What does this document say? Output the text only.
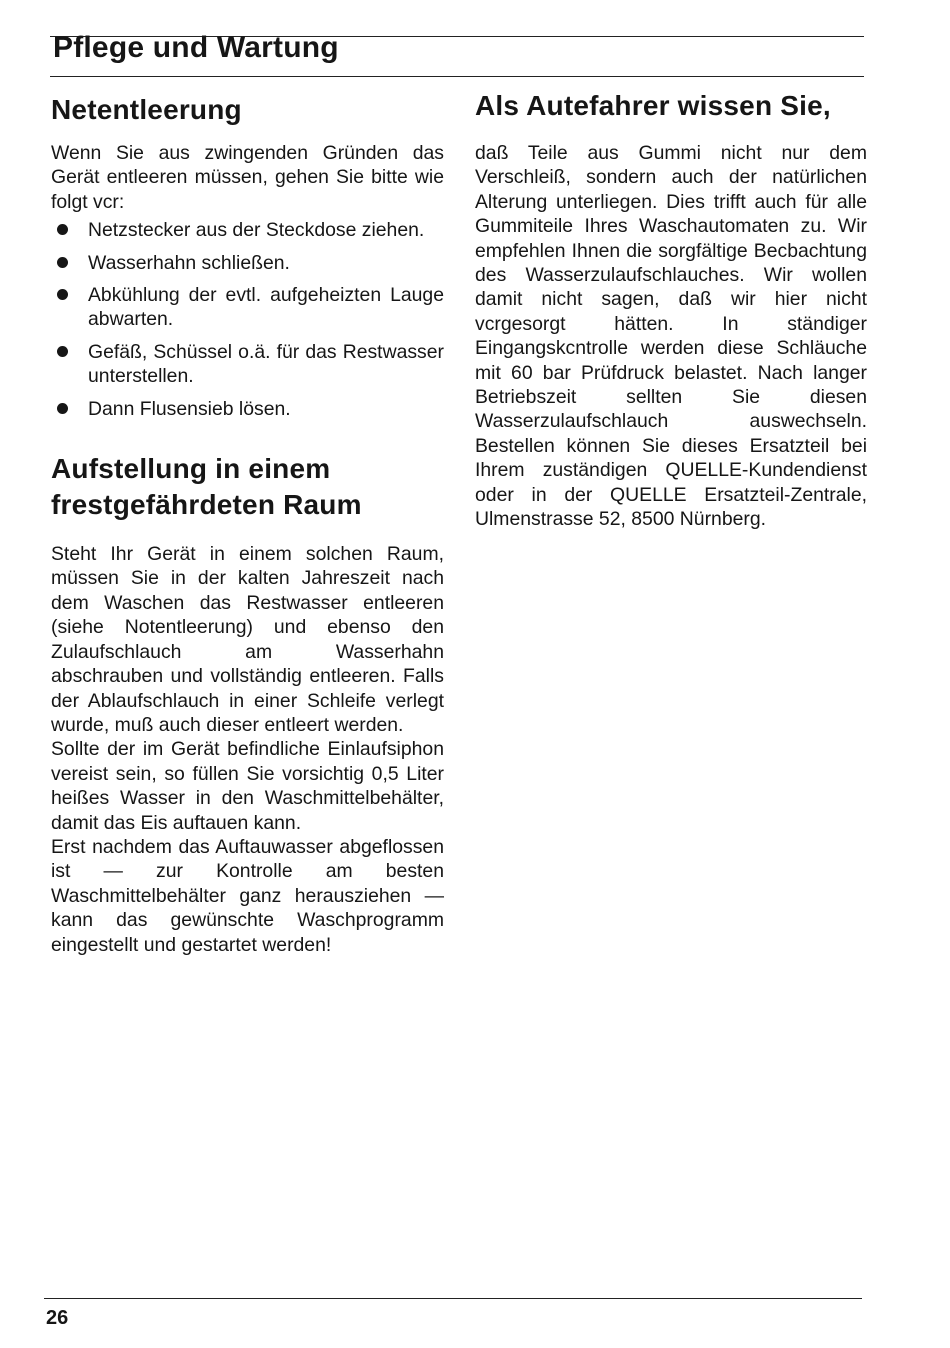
Pflege und Wartung
Netentleerung

Wenn Sie aus zwingenden Gründen das Gerät entleeren müssen, gehen Sie bitte wie folgt vcr:

Netzstecker aus der Steckdose ziehen.
Wasserhahn schließen.
Abkühlung der evtl. aufgeheizten Lauge abwarten.
Gefäß, Schüssel o.ä. für das Restwasser unterstellen.
Dann Flusensieb lösen.
Aufstellung in einem frestgefährdeten Raum

Steht Ihr Gerät in einem solchen Raum, müssen Sie in der kalten Jahreszeit nach dem Waschen das Restwasser entleeren (siehe Notentleerung) und ebenso den Zulaufschlauch am Wasserhahn abschrauben und vollständig entleeren. Falls der Ablaufschlauch in einer Schleife verlegt wurde, muß auch dieser entleert werden.

Sollte der im Gerät befindliche Einlaufsiphon vereist sein, so füllen Sie vorsichtig 0,5 Liter heißes Wasser in den Waschmittelbehälter, damit das Eis auftauen kann.

Erst nachdem das Auftauwasser abgeflossen ist — zur Kontrolle am besten Waschmittelbehälter ganz herausziehen — kann das gewünschte Waschprogramm eingestellt und gestartet werden!

Als Autefahrer wissen Sie,

daß Teile aus Gummi nicht nur dem Verschleiß, sondern auch der natürlichen Alterung unterliegen. Dies trifft auch für alle Gummiteile Ihres Waschautomaten zu. Wir empfehlen Ihnen die sorgfältige Becbachtung des Wasserzulaufschlauches. Wir wollen damit nicht sagen, daß wir hier nicht vcrgesorgt hätten. In ständiger Eingangskcntrolle werden diese Schläuche mit 60 bar Prüfdruck belastet. Nach langer Betriebszeit sellten Sie diesen Wasserzulaufschlauch auswechseln. Bestellen können Sie dieses Ersatzteil bei Ihrem zuständigen QUELLE-Kundendienst oder in der QUELLE Ersatzteil-Zentrale, Ulmenstrasse 52, 8500 Nürnberg.

26
